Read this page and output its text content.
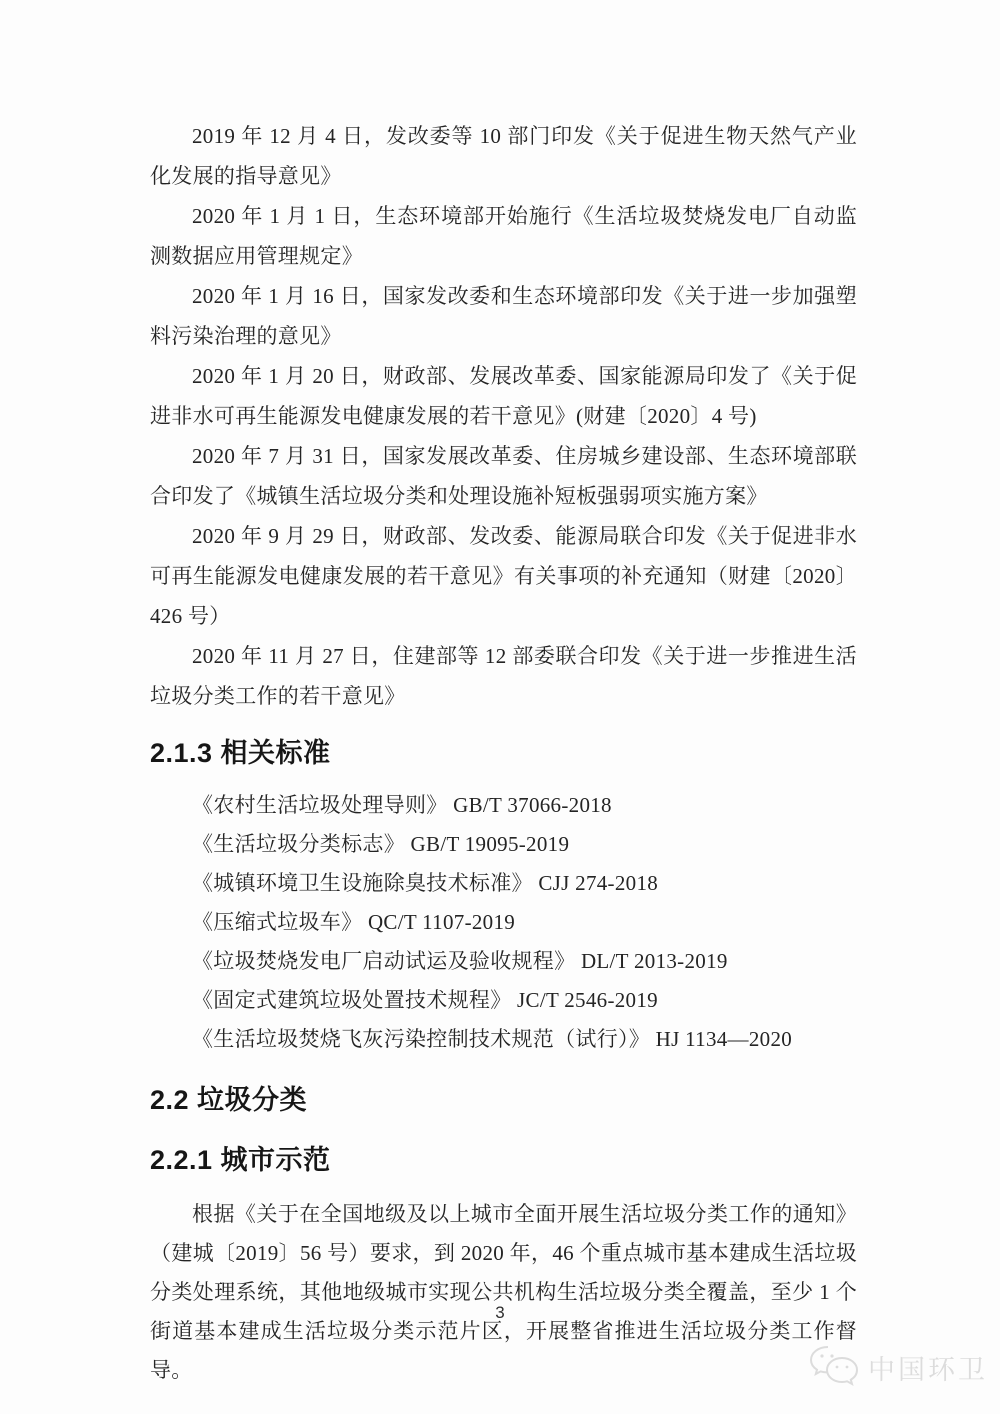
2019 年 12 月 4 日，发改委等 10 部门印发《关于促进生物天然气产业化发展的指导意见》

2020 年 1 月 1 日，生态环境部开始施行《生活垃圾焚烧发电厂自动监测数据应用管理规定》

2020 年 1 月 16 日，国家发改委和生态环境部印发《关于进一步加强塑料污染治理的意见》

2020 年 1 月 20 日，财政部、发展改革委、国家能源局印发了《关于促进非水可再生能源发电健康发展的若干意见》(财建〔2020〕4 号)

2020 年 7 月 31 日，国家发展改革委、住房城乡建设部、生态环境部联合印发了《城镇生活垃圾分类和处理设施补短板强弱项实施方案》

2020 年 9 月 29 日，财政部、发改委、能源局联合印发《关于促进非水可再生能源发电健康发展的若干意见》有关事项的补充通知（财建〔2020〕426 号）

2020 年 11 月 27 日，住建部等 12 部委联合印发《关于进一步推进生活垃圾分类工作的若干意见》

2.1.3 相关标准
《农村生活垃圾处理导则》 GB/T 37066-2018
《生活垃圾分类标志》 GB/T 19095-2019
《城镇环境卫生设施除臭技术标准》 CJJ 274-2018
《压缩式垃圾车》 QC/T 1107-2019
《垃圾焚烧发电厂启动试运及验收规程》 DL/T 2013-2019
《固定式建筑垃圾处置技术规程》 JC/T 2546-2019
《生活垃圾焚烧飞灰污染控制技术规范（试行）》 HJ 1134—2020
2.2 垃圾分类
2.2.1 城市示范

根据《关于在全国地级及以上城市全面开展生活垃圾分类工作的通知》（建城〔2019〕56 号）要求，到 2020 年，46 个重点城市基本建成生活垃圾分类处理系统，其他地级城市实现公共机构生活垃圾分类全覆盖，至少 1 个街道基本建成生活垃圾分类示范片区，开展整省推进生活垃圾分类工作督导。

3
中国环卫
